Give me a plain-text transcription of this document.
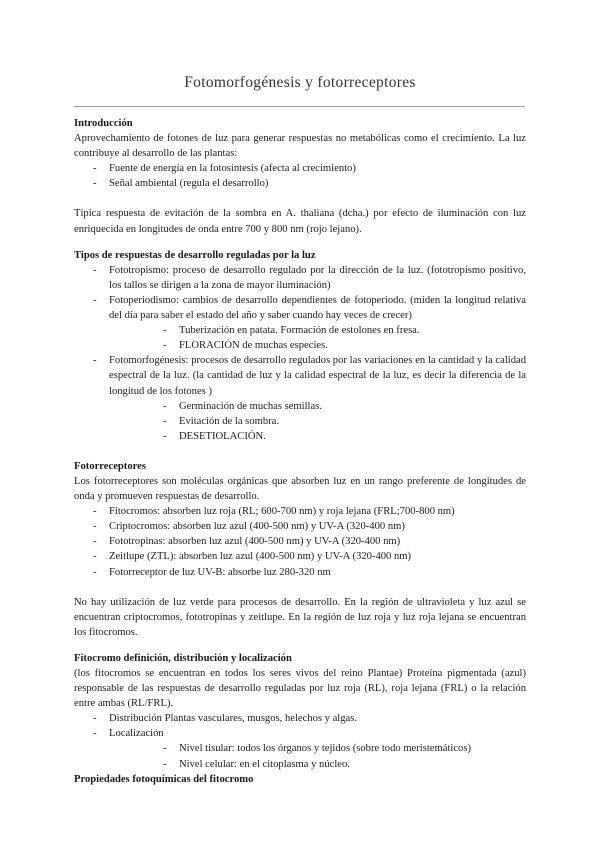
Fotomorfogénesis y fotorreceptores
Introducción

Aprovechamiento de fotones de luz para generar respuestas no metabólicas como el crecimiento. La luz contribuye al desarrollo de las plantas:

- Fuente de energía en la fotosíntesis (afecta al crecimiento)
- Señal ambiental (regula el desarrollo)

Típica respuesta de evitación de la sombra en A. thaliana (dcha.) por efecto de iluminación con luz enriquecida en longitudes de onda entre 700 y 800 nm (rojo lejano).

Tipos de respuestas de desarrollo reguladas por la luz
- Fototropismo: proceso de desarrollo regulado por la dirección de la luz. (fototropismo positivo, los tallos se dirigen a la zona de mayor iluminación)
- Fotoperiodismo: cambios de desarrollo dependientes de fotoperiodo. (miden la longitud relativa del día para saber el estado del año y saber cuando hay veces de crecer)
- Tuberización en patata. Formación de estolones en fresa.
- FLORACIÓN de muchas especies.
- Fotomorfogénesis: procesos de desarrollo regulados por las variaciones en la cantidad y la calidad espectral de la luz. (la cantidad de luz y la calidad espectral de la luz, es decir la diferencia de la longitud de los fotones )
- Germinación de muchas semillas.
- Evitación de la sombra.
- DESETIOLACIÓN.
Fotorreceptores

Los fotorreceptores son moléculas orgánicas que absorben luz en un rango preferente de longitudes de onda y promueven respuestas de desarrollo.

- Fitocromos: absorben luz roja (RL; 600-700 nm) y roja lejana (FRL;700-800 nm)
- Criptocromos: absorben luz azul (400-500 nm) y UV-A (320-400 nm)
- Fototropinas: absorben luz azul (400-500 nm) y UV-A (320-400 nm)
- Zeitlupe (ZTL): absorben luz azul (400-500 nm) y UV-A (320-400 nm)
- Fotorreceptor de luz UV-B: absorbe luz 280-320 nm

No hay utilización de luz verde para procesos de desarrollo. En la región de ultravioleta y luz azul se encuentran criptocromos, fototropinas y zeitlupe. En la región de luz roja y luz roja lejana se encuentran los fitocromos.

Fitocromo definición, distribución y localización

(los fitocromos se encuentran en todos los seres vivos del reino Plantae) Proteína pigmentada (azul) responsable de las respuestas de desarrollo reguladas por luz roja (RL), roja lejana (FRL) o la relación entre ambas (RL/FRL).

- Distribución Plantas vasculares, musgos, helechos y algas.
- Localización
- Nivel tisular: todos los órganos y tejidos (sobre todo meristemáticos)
- Nivel celular: en el citoplasma y núcleo.
Propiedades fotoquímicas del fitocromo
